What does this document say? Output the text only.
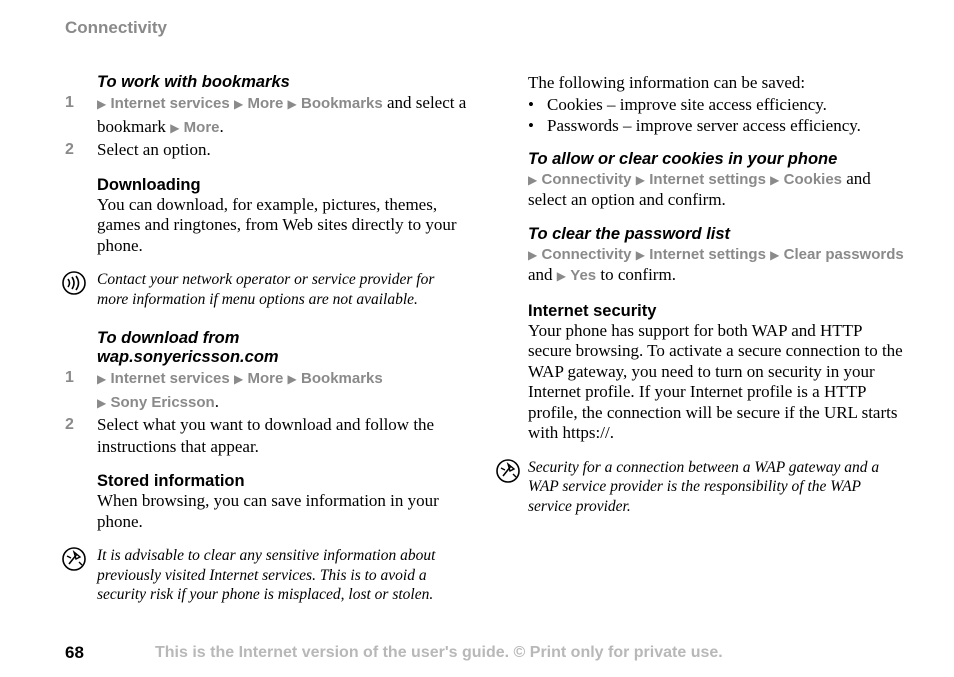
Connectivity
To work with bookmarks
1	▶ Internet services ▶ More ▶ Bookmarks and select a bookmark ▶ More.
2	Select an option.
Downloading

You can download, for example, pictures, themes, games and ringtones, from Web sites directly to your phone.

Contact your network operator or service provider for more information if menu options are not available.
To download from
wap.sonyericsson.com
1	▶ Internet services ▶ More ▶ Bookmarks
▶ Sony Ericsson.
2	Select what you want to download and follow the instructions that appear.
Stored information

When browsing, you can save information in your phone.

It is advisable to clear any sensitive information about previously visited Internet services. This is to avoid a security risk if your phone is misplaced, lost or stolen.

The following information can be saved:

• Cookies – improve site access efficiency.
• Passwords – improve server access efficiency.
To allow or clear cookies in your phone

▶ Connectivity ▶ Internet settings ▶ Cookies and select an option and confirm.

To clear the password list

▶ Connectivity ▶ Internet settings ▶ Clear passwords
and ▶ Yes to confirm.

Internet security

Your phone has support for both WAP and HTTP secure browsing. To activate a secure connection to the WAP gateway, you need to turn on security in your Internet profile. If your Internet profile is a HTTP profile, the connection will be secure if the URL starts with https://.

Security for a connection between a WAP gateway and a WAP service provider is the responsibility of the WAP service provider.
68	This is the Internet version of the user's guide. © Print only for private use.
